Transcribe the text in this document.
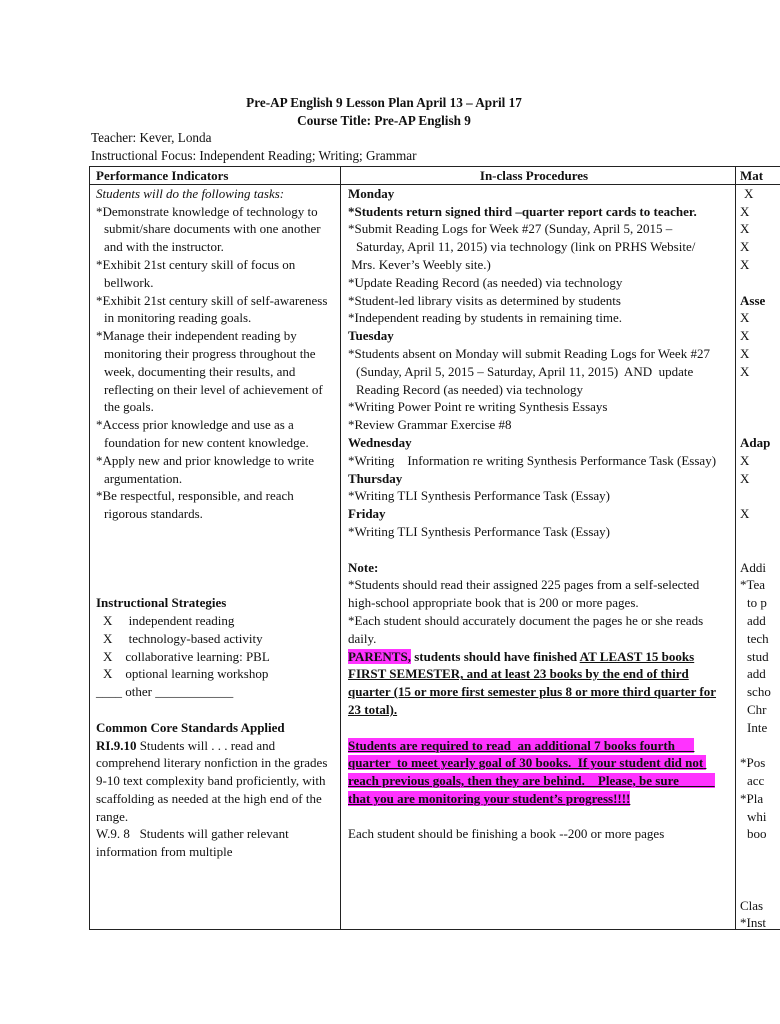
Pre-AP English 9 Lesson Plan April 13 – April 17
Course Title: Pre-AP English 9
Teacher: Kever, Londa
Instructional Focus: Independent Reading; Writing; Grammar
Performance Indicators
Students will do the following tasks:
*Demonstrate knowledge of technology to submit/share documents with one another and with the instructor.
*Exhibit 21st century skill of focus on bellwork.
*Exhibit 21st century skill of self-awareness in monitoring reading goals.
*Manage their independent reading by monitoring their progress throughout the week, documenting their results, and reflecting on their level of achievement of the goals.
*Access prior knowledge and use as a foundation for new content knowledge.
*Apply new and prior knowledge to write argumentation.
*Be respectful, responsible, and reach rigorous standards.
Instructional Strategies
X     independent reading
X     technology-based activity
X    collaborative learning: PBL
X    optional learning workshop
____ other ____________
Common Core Standards Applied
RI.9.10 Students will . . . read and comprehend literary nonfiction in the grades 9-10 text complexity band proficiently, with scaffolding as needed at the high end of the range.
W.9. 8   Students will gather relevant information from multiple
In-class Procedures
Monday
*Students return signed third –quarter report cards to teacher.
*Submit Reading Logs for Week #27 (Sunday, April 5, 2015 – Saturday, April 11, 2015) via technology (link on PRHS Website/
Mrs. Kever’s Weebly site.)
*Update Reading Record (as needed) via technology
*Student-led library visits as determined by students
*Independent reading by students in remaining time.
Tuesday
*Students absent on Monday will submit Reading Logs for Week #27 (Sunday, April 5, 2015 – Saturday, April 11, 2015)  AND  update Reading Record (as needed) via technology
*Writing Power Point re writing Synthesis Essays
*Review Grammar Exercise #8
Wednesday
*Writing    Information re writing Synthesis Performance Task (Essay)
Thursday
*Writing TLI Synthesis Performance Task (Essay)
Friday
*Writing TLI Synthesis Performance Task (Essay)
Note:
*Students should read their assigned 225 pages from a self-selected high-school appropriate book that is 200 or more pages.
*Each student should accurately document the pages he or she reads daily.
PARENTS, students should have finished AT LEAST 15 books FIRST SEMESTER, and at least 23 books by the end of third quarter (15 or more first semester plus 8 or more third quarter for 23 total).
Students are required to read  an additional 7 books fourth      quarter  to meet yearly goal of 30 books.  If your student did not reach previous goals, then they are behind.    Please, be sure           that you are monitoring your student’s progress!!!!
Each student should be finishing a book --200 or more pages
Mat
X
X
X
X
X
Asse
X
X
X
X
Adap
X
X
X
Addi
*Tea
to p
add
tech
stud
add
scho
Chr
Inte
*Pos
acc
*Pla
whi
boo
Clas
*Inst
